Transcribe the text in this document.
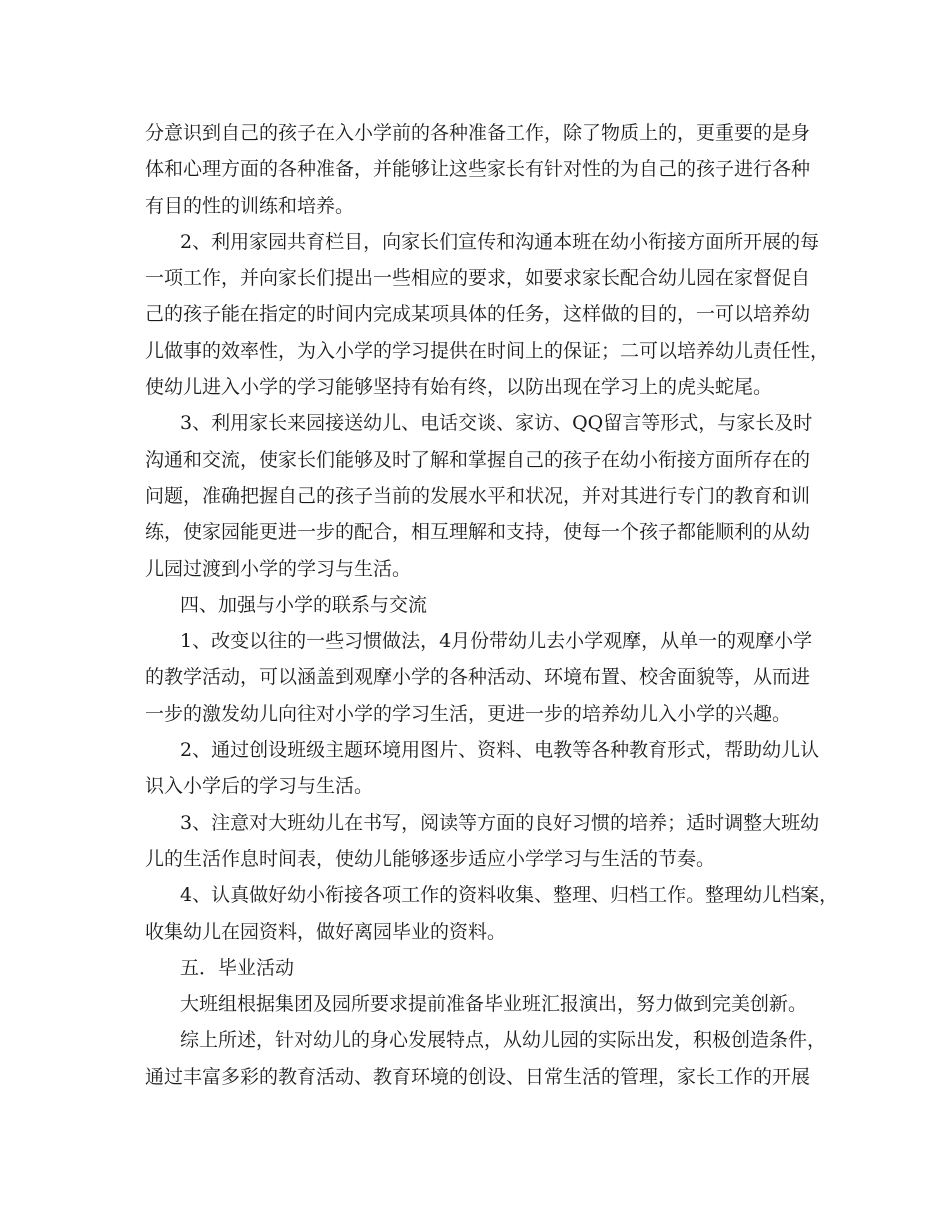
分意识到自己的孩子在入小学前的各种准备工作，除了物质上的，更重要的是身
体和心理方面的各种准备，并能够让这些家长有针对性的为自己的孩子进行各种
有目的性的训练和培养。
2、利用家园共育栏目，向家长们宣传和沟通本班在幼小衔接方面所开展的每
一项工作，并向家长们提出一些相应的要求，如要求家长配合幼儿园在家督促自
己的孩子能在指定的时间内完成某项具体的任务，这样做的目的，一可以培养幼
儿做事的效率性，为入小学的学习提供在时间上的保证；二可以培养幼儿责任性，
使幼儿进入小学的学习能够坚持有始有终，以防出现在学习上的虎头蛇尾。
3、利用家长来园接送幼儿、电话交谈、家访、QQ留言等形式，与家长及时
沟通和交流，使家长们能够及时了解和掌握自己的孩子在幼小衔接方面所存在的
问题，准确把握自己的孩子当前的发展水平和状况，并对其进行专门的教育和训
练，使家园能更进一步的配合，相互理解和支持，使每一个孩子都能顺利的从幼
儿园过渡到小学的学习与生活。
四、加强与小学的联系与交流
1、改变以往的一些习惯做法，4月份带幼儿去小学观摩，从单一的观摩小学
的教学活动，可以涵盖到观摩小学的各种活动、环境布置、校舍面貌等，从而进
一步的激发幼儿向往对小学的学习生活，更进一步的培养幼儿入小学的兴趣。
2、通过创设班级主题环境用图片、资料、电教等各种教育形式，帮助幼儿认
识入小学后的学习与生活。
3、注意对大班幼儿在书写，阅读等方面的良好习惯的培养；适时调整大班幼
儿的生活作息时间表，使幼儿能够逐步适应小学学习与生活的节奏。
4、认真做好幼小衔接各项工作的资料收集、整理、归档工作。整理幼儿档案，
收集幼儿在园资料，做好离园毕业的资料。
五．毕业活动
大班组根据集团及园所要求提前准备毕业班汇报演出，努力做到完美创新。
综上所述，针对幼儿的身心发展特点，从幼儿园的实际出发，积极创造条件，
通过丰富多彩的教育活动、教育环境的创设、日常生活的管理，家长工作的开展
